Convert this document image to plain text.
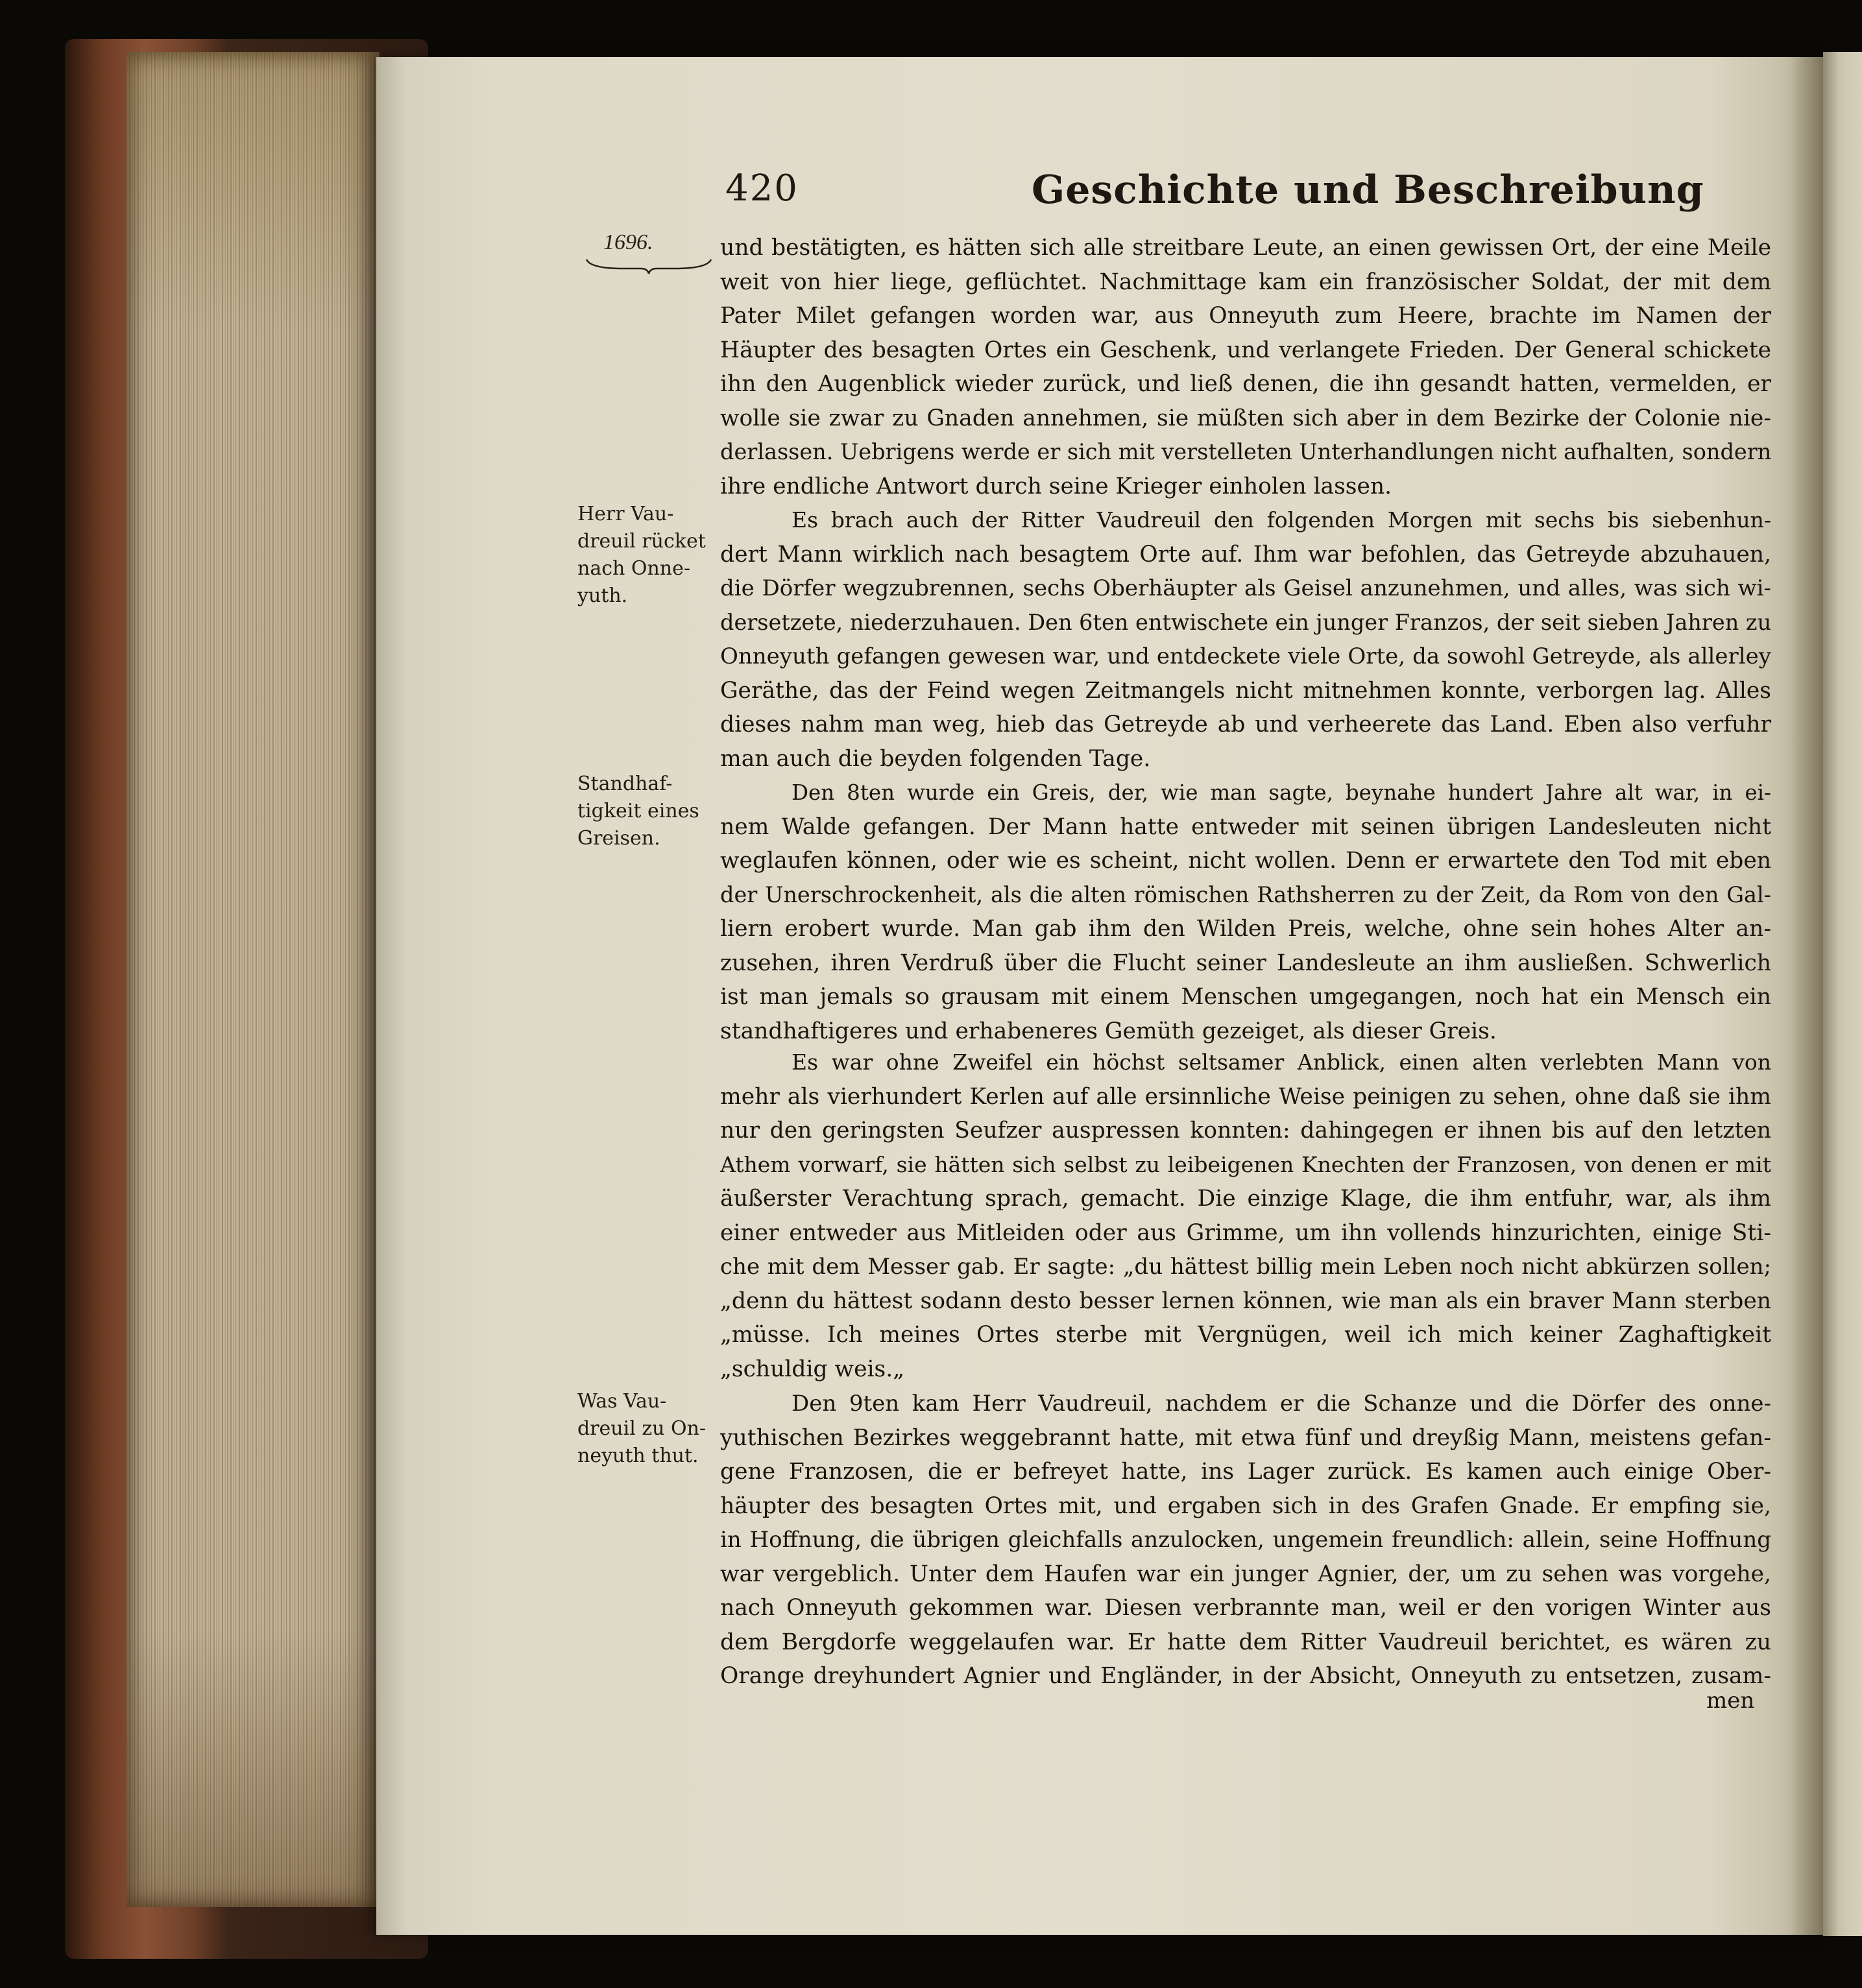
420	Geschichte und Beschreibung
1696.
Herr Vau-
dreuil rücket
nach Onne-
yuth.
Standhaf-
tigkeit eines
Greisen.
Was Vau-
dreuil zu On-
neyuth thut.
und bestätigten, es hätten sich alle streitbare Leute, an einen gewissen Ort, der eine Meile
weit von hier liege, geflüchtet. Nachmittage kam ein französischer Soldat, der mit dem
Pater Milet gefangen worden war, aus Onneyuth zum Heere, brachte im Namen der
Häupter des besagten Ortes ein Geschenk, und verlangete Frieden. Der General schickete
ihn den Augenblick wieder zurück, und ließ denen, die ihn gesandt hatten, vermelden, er
wolle sie zwar zu Gnaden annehmen, sie müßten sich aber in dem Bezirke der Colonie nie-
derlassen. Uebrigens werde er sich mit verstelleten Unterhandlungen nicht aufhalten, sondern
ihre endliche Antwort durch seine Krieger einholen lassen.
Es brach auch der Ritter Vaudreuil den folgenden Morgen mit sechs bis siebenhun-
dert Mann wirklich nach besagtem Orte auf. Ihm war befohlen, das Getreyde abzuhauen,
die Dörfer wegzubrennen, sechs Oberhäupter als Geisel anzunehmen, und alles, was sich wi-
dersetzete, niederzuhauen. Den 6ten entwischete ein junger Franzos, der seit sieben Jahren zu
Onneyuth gefangen gewesen war, und entdeckete viele Orte, da sowohl Getreyde, als allerley
Geräthe, das der Feind wegen Zeitmangels nicht mitnehmen konnte, verborgen lag. Alles
dieses nahm man weg, hieb das Getreyde ab und verheerete das Land. Eben also verfuhr
man auch die beyden folgenden Tage.
Den 8ten wurde ein Greis, der, wie man sagte, beynahe hundert Jahre alt war, in ei-
nem Walde gefangen. Der Mann hatte entweder mit seinen übrigen Landesleuten nicht
weglaufen können, oder wie es scheint, nicht wollen. Denn er erwartete den Tod mit eben
der Unerschrockenheit, als die alten römischen Rathsherren zu der Zeit, da Rom von den Gal-
liern erobert wurde. Man gab ihm den Wilden Preis, welche, ohne sein hohes Alter an-
zusehen, ihren Verdruß über die Flucht seiner Landesleute an ihm ausließen. Schwerlich
ist man jemals so grausam mit einem Menschen umgegangen, noch hat ein Mensch ein
standhaftigeres und erhabeneres Gemüth gezeiget, als dieser Greis.
Es war ohne Zweifel ein höchst seltsamer Anblick, einen alten verlebten Mann von
mehr als vierhundert Kerlen auf alle ersinnliche Weise peinigen zu sehen, ohne daß sie ihm
nur den geringsten Seufzer auspressen konnten: dahingegen er ihnen bis auf den letzten
Athem vorwarf, sie hätten sich selbst zu leibeigenen Knechten der Franzosen, von denen er mit
äußerster Verachtung sprach, gemacht. Die einzige Klage, die ihm entfuhr, war, als ihm
einer entweder aus Mitleiden oder aus Grimme, um ihn vollends hinzurichten, einige Sti-
che mit dem Messer gab. Er sagte: „du hättest billig mein Leben noch nicht abkürzen sollen;
„denn du hättest sodann desto besser lernen können, wie man als ein braver Mann sterben
„müsse. Ich meines Ortes sterbe mit Vergnügen, weil ich mich keiner Zaghaftigkeit
„schuldig weis.„
Den 9ten kam Herr Vaudreuil, nachdem er die Schanze und die Dörfer des onne-
yuthischen Bezirkes weggebrannt hatte, mit etwa fünf und dreyßig Mann, meistens gefan-
gene Franzosen, die er befreyet hatte, ins Lager zurück. Es kamen auch einige Ober-
häupter des besagten Ortes mit, und ergaben sich in des Grafen Gnade. Er empfing sie,
in Hoffnung, die übrigen gleichfalls anzulocken, ungemein freundlich: allein, seine Hoffnung
war vergeblich. Unter dem Haufen war ein junger Agnier, der, um zu sehen was vorgehe,
nach Onneyuth gekommen war. Diesen verbrannte man, weil er den vorigen Winter aus
dem Bergdorfe weggelaufen war. Er hatte dem Ritter Vaudreuil berichtet, es wären zu
Orange dreyhundert Agnier und Engländer, in der Absicht, Onneyuth zu entsetzen, zusam-
men
